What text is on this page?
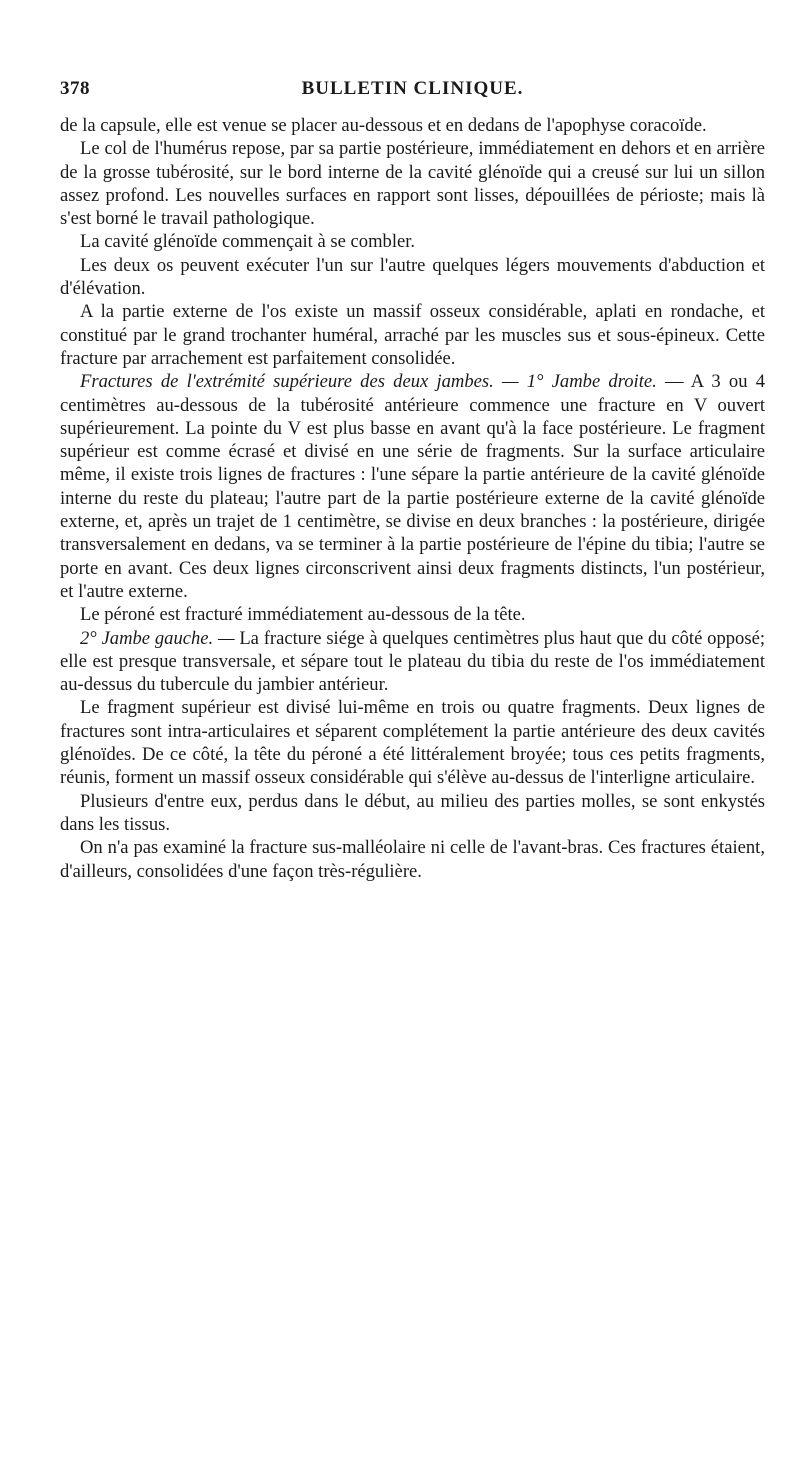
378	BULLETIN CLINIQUE.

de la capsule, elle est venue se placer au-dessous et en dedans de l'apophyse coracoïde.

Le col de l'humérus repose, par sa partie postérieure, immédiatement en dehors et en arrière de la grosse tubérosité, sur le bord interne de la cavité glénoïde qui a creusé sur lui un sillon assez profond. Les nouvelles surfaces en rapport sont lisses, dépouillées de périoste; mais là s'est borné le travail pathologique.

La cavité glénoïde commençait à se combler.

Les deux os peuvent exécuter l'un sur l'autre quelques légers mouvements d'abduction et d'élévation.

A la partie externe de l'os existe un massif osseux considérable, aplati en rondache, et constitué par le grand trochanter huméral, arraché par les muscles sus et sous-épineux. Cette fracture par arrachement est parfaitement consolidée.

Fractures de l'extrémité supérieure des deux jambes. — 1° Jambe droite. — A 3 ou 4 centimètres au-dessous de la tubérosité antérieure commence une fracture en V ouvert supérieurement. La pointe du V est plus basse en avant qu'à la face postérieure. Le fragment supérieur est comme écrasé et divisé en une série de fragments. Sur la surface articulaire même, il existe trois lignes de fractures : l'une sépare la partie antérieure de la cavité glénoïde interne du reste du plateau; l'autre part de la partie postérieure externe de la cavité glénoïde externe, et, après un trajet de 1 centimètre, se divise en deux branches : la postérieure, dirigée transversalement en dedans, va se terminer à la partie postérieure de l'épine du tibia; l'autre se porte en avant. Ces deux lignes circonscrivent ainsi deux fragments distincts, l'un postérieur, et l'autre externe.

Le péroné est fracturé immédiatement au-dessous de la tête.

2° Jambe gauche. — La fracture siége à quelques centimètres plus haut que du côté opposé; elle est presque transversale, et sépare tout le plateau du tibia du reste de l'os immédiatement au-dessus du tubercule du jambier antérieur.

Le fragment supérieur est divisé lui-même en trois ou quatre fragments. Deux lignes de fractures sont intra-articulaires et séparent complétement la partie antérieure des deux cavités glénoïdes. De ce côté, la tête du péroné a été littéralement broyée; tous ces petits fragments, réunis, forment un massif osseux considérable qui s'élève au-dessus de l'interligne articulaire.

Plusieurs d'entre eux, perdus dans le début, au milieu des parties molles, se sont enkystés dans les tissus.

On n'a pas examiné la fracture sus-malléolaire ni celle de l'avant-bras. Ces fractures étaient, d'ailleurs, consolidées d'une façon très-régulière.
